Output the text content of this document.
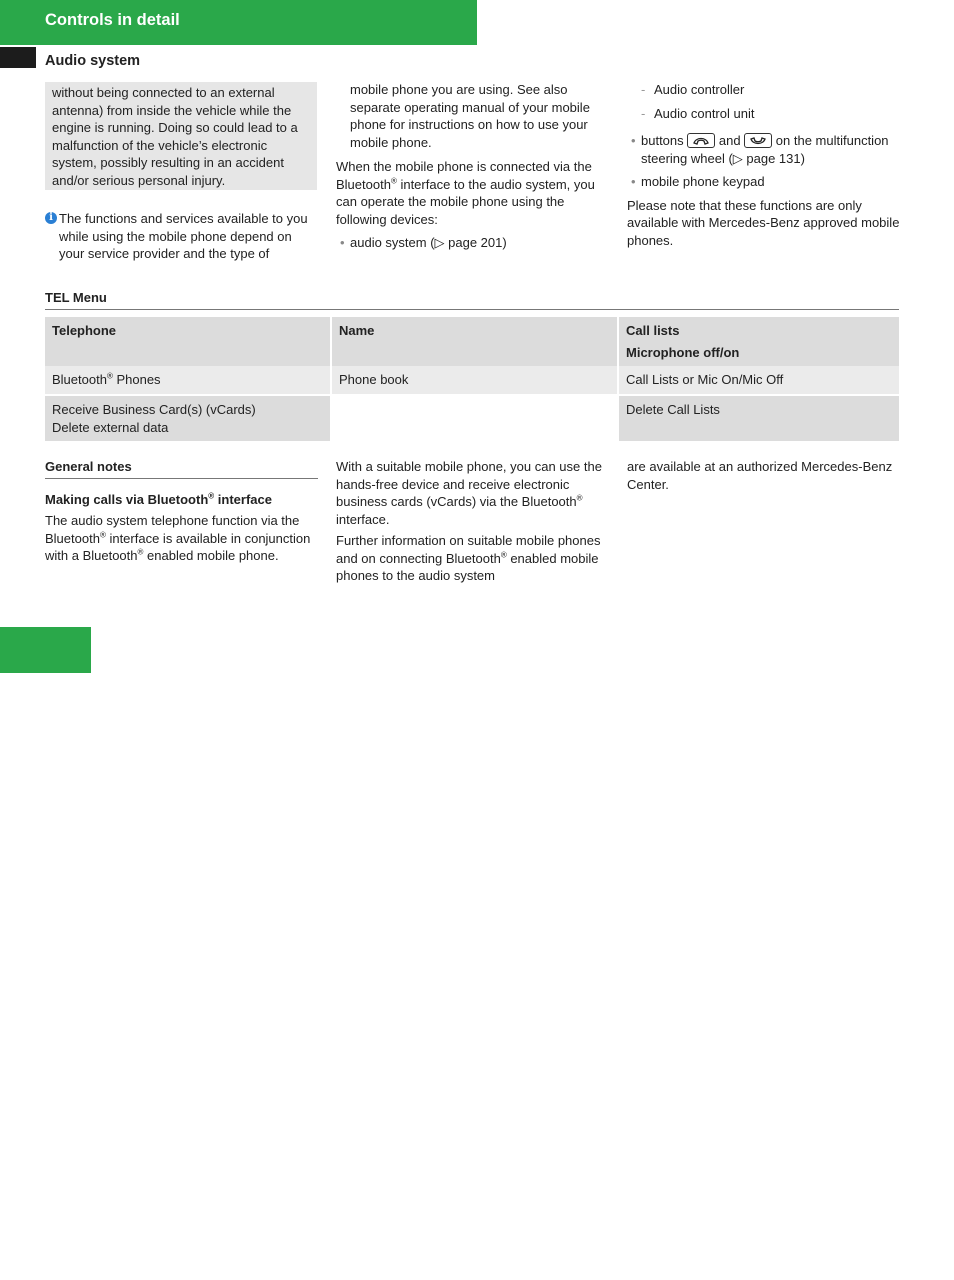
Controls in detail
Audio system

without being connected to an external

antenna) from inside the vehicle while the

engine is running. Doing so could lead to a

malfunction of the vehicle’s electronic

system, possibly resulting in an accident

and/or serious personal injury.

i The functions and services available to you while using the mobile phone depend on your service provider and the type of

mobile phone you are using. See also separate operating manual of your mobile phone for instructions on how to use your mobile phone.

When the mobile phone is connected via the Bluetooth® interface to the audio system, you can operate the mobile phone using the following devices:

• audio system (▷ page 201)

- Audio controller

- Audio control unit

• buttons
and
on the multifunction steering wheel (▷ page 131)

• mobile phone keypad

Please note that these functions are only available with Mercedes-Benz approved mobile phones.

TEL Menu
Telephone	Name	Call lists
Microphone off/on

Bluetooth® Phones	Phone book	Call Lists or Mic On/Mic Off

Receive Business Card(s) (vCards)
Delete external data		Delete Call Lists
General notes
Making calls via Bluetooth® interface

The audio system telephone function via the Bluetooth® interface is available in conjunction with a Bluetooth® enabled mobile phone.

With a suitable mobile phone, you can use the hands-free device and receive electronic business cards (vCards) via the Bluetooth® interface.

Further information on suitable mobile phones and on connecting Bluetooth® enabled mobile phones to the audio system

are available at an authorized Mercedes-Benz Center.

190
